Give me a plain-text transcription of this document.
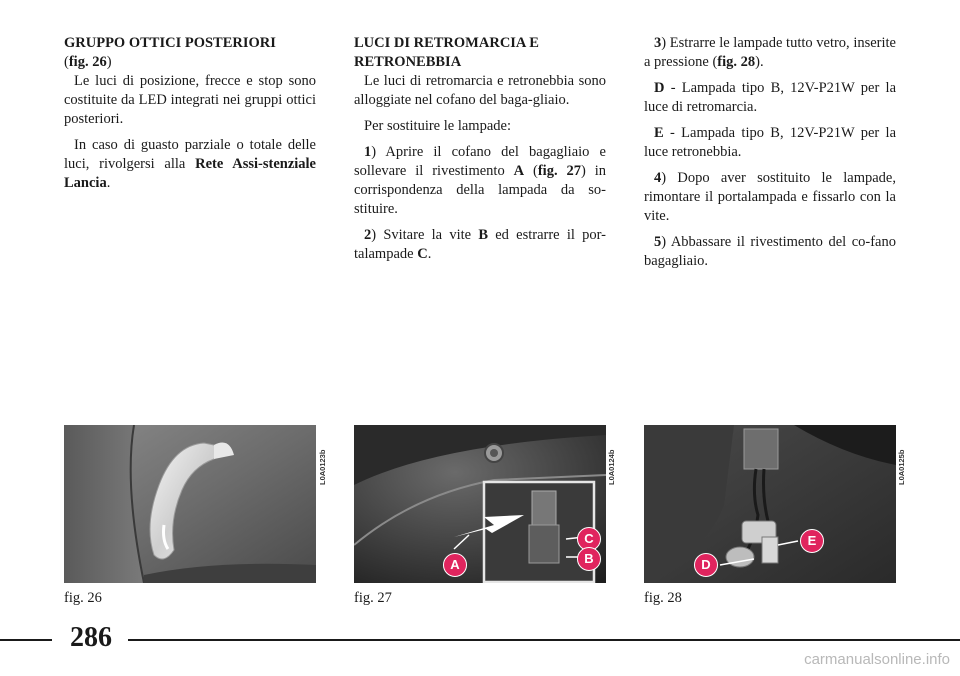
GRUPPO OTTICI POSTERIORI
(fig. 26)

Le luci di posizione, frecce e stop sono costituite da LED integrati nei gruppi ottici posteriori.

In caso di guasto parziale o totale delle luci, rivolgersi alla Rete Assi-stenziale Lancia.

LUCI DI RETROMARCIA E
RETRONEBBIA

Le luci di retromarcia e retronebbia sono alloggiate nel cofano del baga-gliaio.

Per sostituire le lampade:

1) Aprire il cofano del bagagliaio e sollevare il rivestimento A (fig. 27) in corrispondenza della lampada da so-stituire.

2) Svitare la vite B ed estrarre il por-talampade C.

3) Estrarre le lampade tutto vetro, inserite a pressione (fig. 28).

D - Lampada tipo B, 12V-P21W per la luce di retromarcia.

E - Lampada tipo B, 12V-P21W per la luce retronebbia.

4) Dopo aver sostituito le lampade, rimontare il portalampada e fissarlo con la vite.

5) Abbassare il rivestimento del co-fano bagagliaio.

L0A0123b
fig. 26
A
C
B
L0A0124b
fig. 27
D
E
L0A0125b
fig. 28
286
carmanualsonline.info
